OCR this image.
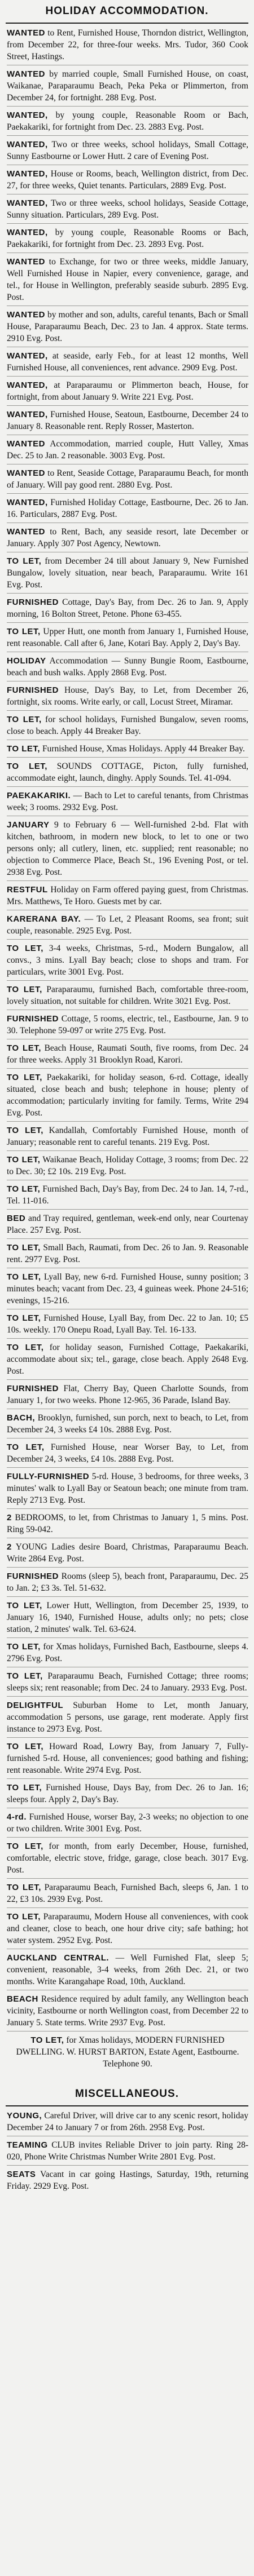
HOLIDAY ACCOMMODATION.

WANTED to Rent, Furnished House, Thorndon district, Wellington, from December 22, for three-four weeks. Mrs. Tudor, 360 Cook Street, Hastings.

WANTED by married couple, Small Furnished House, on coast, Waikanae, Paraparaumu Beach, Peka Peka or Plimmerton, from December 24, for fortnight. 288 Evg. Post.

WANTED, by young couple, Reasonable Room or Bach, Paekakariki, for fortnight from Dec. 23. 2883 Evg. Post.

WANTED, Two or three weeks, school holidays, Small Cottage, Sunny Eastbourne or Lower Hutt. 2 care of Evening Post.

WANTED, House or Rooms, beach, Wellington district, from Dec. 27, for three weeks, Quiet tenants. Particulars, 2889 Evg. Post.

WANTED, Two or three weeks, school holidays, Seaside Cottage, Sunny situation. Particulars, 289 Evg. Post.

WANTED, by young couple, Reasonable Rooms or Bach, Paekakariki, for fortnight from Dec. 23. 2893 Evg. Post.

WANTED to Exchange, for two or three weeks, middle January, Well Furnished House in Napier, every convenience, garage, and tel., for House in Wellington, preferably seaside suburb. 2895 Evg. Post.

WANTED by mother and son, adults, careful tenants, Bach or Small House, Paraparaumu Beach, Dec. 23 to Jan. 4 approx. State terms. 2910 Evg. Post.

WANTED, at seaside, early Feb., for at least 12 months, Well Furnished House, all conveniences, rent advance. 2909 Evg. Post.

WANTED, at Paraparaumu or Plimmerton beach, House, for fortnight, from about January 9. Write 221 Evg. Post.

WANTED, Furnished House, Seatoun, Eastbourne, December 24 to January 8. Reasonable rent. Reply Rosser, Masterton.

WANTED Accommodation, married couple, Hutt Valley, Xmas Dec. 25 to Jan. 2 reasonable. 3003 Evg. Post.

WANTED to Rent, Seaside Cottage, Paraparaumu Beach, for month of January. Will pay good rent. 2880 Evg. Post.

WANTED, Furnished Holiday Cottage, Eastbourne, Dec. 26 to Jan. 16. Particulars, 2887 Evg. Post.

WANTED to Rent, Bach, any seaside resort, late December or January. Apply 307 Post Agency, Newtown.

TO LET, from December 24 till about January 9, New Furnished Bungalow, lovely situation, near beach, Paraparaumu. Write 161 Evg. Post.

FURNISHED Cottage, Day's Bay, from Dec. 26 to Jan. 9, Apply morning, 16 Bolton Street, Petone. Phone 63-455.

TO LET, Upper Hutt, one month from January 1, Furnished House, rent reasonable. Call after 6, Jane, Kotari Bay. Apply 2, Day's Bay.

HOLIDAY Accommodation — Sunny Bungie Room, Eastbourne, beach and bush walks. Apply 2868 Evg. Post.

FURNISHED House, Day's Bay, to Let, from December 26, fortnight, six rooms. Write early, or call, Locust Street, Miramar.

TO LET, for school holidays, Furnished Bungalow, seven rooms, close to beach. Apply 44 Breaker Bay.

TO LET, Furnished House, Xmas Holidays. Apply 44 Breaker Bay.

TO LET, SOUNDS COTTAGE, Picton, fully furnished, accommodate eight, launch, dinghy. Apply Sounds. Tel. 41-094.

PAEKAKARIKI. — Bach to Let to careful tenants, from Christmas week; 3 rooms. 2932 Evg. Post.

JANUARY 9 to February 6 — Well-furnished 2-bd. Flat with kitchen, bathroom, in modern new block, to let to one or two persons only; all cutlery, linen, etc. supplied; rent reasonable; no objection to Commerce Place, Beach St., 196 Evening Post, or tel. 2938 Evg. Post.

RESTFUL Holiday on Farm offered paying guest, from Christmas. Mrs. Matthews, Te Horo. Guests met by car.

KARERANA BAY. — To Let, 2 Pleasant Rooms, sea front; suit couple, reasonable. 2925 Evg. Post.

TO LET, 3-4 weeks, Christmas, 5-rd., Modern Bungalow, all convs., 3 mins. Lyall Bay beach; close to shops and tram. For particulars, write 3001 Evg. Post.

TO LET, Paraparaumu, furnished Bach, comfortable three-room, lovely situation, not suitable for children. Write 3021 Evg. Post.

FURNISHED Cottage, 5 rooms, electric, tel., Eastbourne, Jan. 9 to 30. Telephone 59-097 or write 275 Evg. Post.

TO LET, Beach House, Raumati South, five rooms, from Dec. 24 for three weeks. Apply 31 Brooklyn Road, Karori.

TO LET, Paekakariki, for holiday season, 6-rd. Cottage, ideally situated, close beach and bush; telephone in house; plenty of accommodation; particularly inviting for family. Terms, Write 294 Evg. Post.

TO LET, Kandallah, Comfortably Furnished House, month of January; reasonable rent to careful tenants. 219 Evg. Post.

TO LET, Waikanae Beach, Holiday Cottage, 3 rooms; from Dec. 22 to Dec. 30; £2 10s. 219 Evg. Post.

TO LET, Furnished Bach, Day's Bay, from Dec. 24 to Jan. 14, 7-rd., Tel. 11-016.

BED and Tray required, gentleman, week-end only, near Courtenay Place. 257 Evg. Post.

TO LET, Small Bach, Raumati, from Dec. 26 to Jan. 9. Reasonable rent. 2977 Evg. Post.

TO LET, Lyall Bay, new 6-rd. Furnished House, sunny position; 3 minutes beach; vacant from Dec. 23, 4 guineas week. Phone 24-516; evenings, 15-216.

TO LET, Furnished House, Lyall Bay, from Dec. 22 to Jan. 10; £5 10s. weekly. 170 Onepu Road, Lyall Bay. Tel. 16-133.

TO LET, for holiday season, Furnished Cottage, Paekakariki, accommodate about six; tel., garage, close beach. Apply 2648 Evg. Post.

FURNISHED Flat, Cherry Bay, Queen Charlotte Sounds, from January 1, for two weeks. Phone 12-965, 36 Parade, Island Bay.

BACH, Brooklyn, furnished, sun porch, next to beach, to Let, from December 24, 3 weeks £4 10s. 2888 Evg. Post.

TO LET, Furnished House, near Worser Bay, to Let, from December 24, 3 weeks, £4 10s. 2888 Evg. Post.

FULLY-FURNISHED 5-rd. House, 3 bedrooms, for three weeks, 3 minutes' walk to Lyall Bay or Seatoun beach; one minute from tram. Reply 2713 Evg. Post.

2 BEDROOMS, to let, from Christmas to January 1, 5 mins. Post. Ring 59-042.

2 YOUNG Ladies desire Board, Christmas, Paraparaumu Beach. Write 2864 Evg. Post.

FURNISHED Rooms (sleep 5), beach front, Paraparaumu, Dec. 25 to Jan. 2; £3 3s. Tel. 51-632.

TO LET, Lower Hutt, Wellington, from December 25, 1939, to January 16, 1940, Furnished House, adults only; no pets; close station, 2 minutes' walk. Tel. 63-624.

TO LET, for Xmas holidays, Furnished Bach, Eastbourne, sleeps 4. 2796 Evg. Post.

TO LET, Paraparaumu Beach, Furnished Cottage; three rooms; sleeps six; rent reasonable; from Dec. 24 to January. 2933 Evg. Post.

DELIGHTFUL Suburban Home to Let, month January, accommodation 5 persons, use garage, rent moderate. Apply first instance to 2973 Evg. Post.

TO LET, Howard Road, Lowry Bay, from January 7, Fully-furnished 5-rd. House, all conveniences; good bathing and fishing; rent reasonable. Write 2974 Evg. Post.

TO LET, Furnished House, Days Bay, from Dec. 26 to Jan. 16; sleeps four. Apply 2, Day's Bay.

4-rd. Furnished House, worser Bay, 2-3 weeks; no objection to one or two children. Write 3001 Evg. Post.

TO LET, for month, from early December, House, furnished, comfortable, electric stove, fridge, garage, close beach. 3017 Evg. Post.

TO LET, Paraparaumu Beach, Furnished Bach, sleeps 6, Jan. 1 to 22, £3 10s. 2939 Evg. Post.

TO LET, Paraparaumu, Modern House all conveniences, with cook and cleaner, close to beach, one hour drive city; safe bathing; hot water system. 2952 Evg. Post.

AUCKLAND CENTRAL. — Well Furnished Flat, sleep 5; convenient, reasonable, 3-4 weeks, from 26th Dec. 21, or two months. Write Karangahape Road, 10th, Auckland.

BEACH Residence required by adult family, any Wellington beach vicinity, Eastbourne or north Wellington coast, from December 22 to January 5. State terms. Write 2937 Evg. Post.

TO LET, for Xmas holidays, MODERN FURNISHED DWELLING. W. HURST BARTON, Estate Agent, Eastbourne. Telephone 90.

MISCELLANEOUS.

YOUNG, Careful Driver, will drive car to any scenic resort, holiday December 24 to January 7 or from 26th. 2958 Evg. Post.

TEAMING CLUB invites Reliable Driver to join party. Ring 28-020, Phone Write Christmas Number Write 2801 Evg. Post.

SEATS Vacant in car going Hastings, Saturday, 19th, returning Friday. 2929 Evg. Post.
